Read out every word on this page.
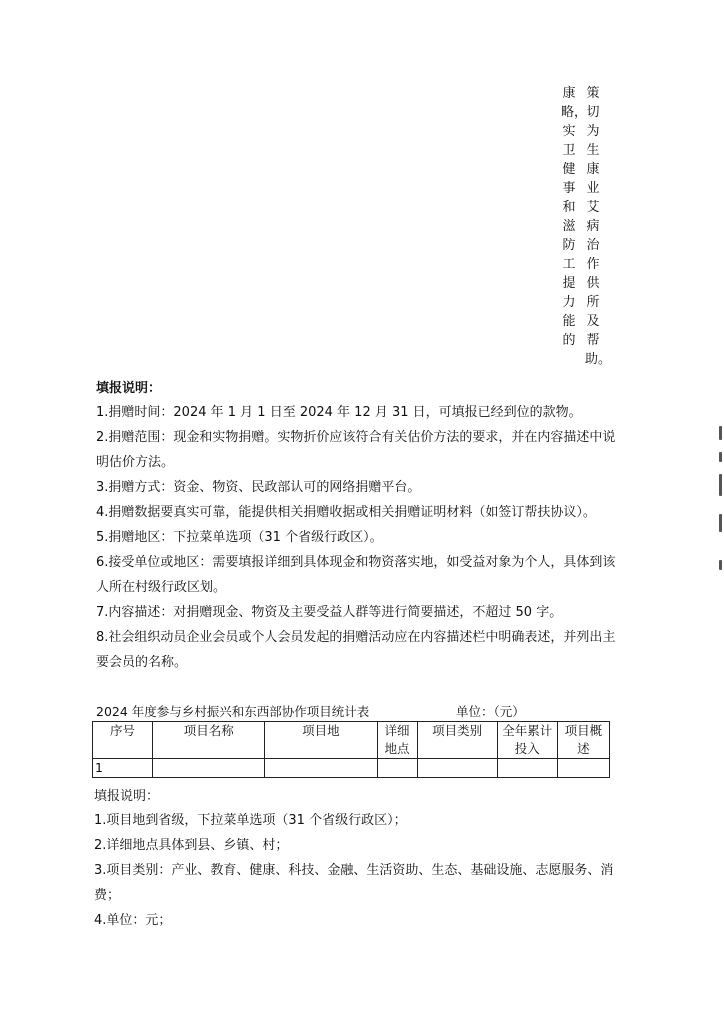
策切为生康业艾病治作供所及帮助。
康略，实卫健事和滋防工提力能的
填报说明：

1.捐赠时间：2024 年 1 月 1 日至 2024 年 12 月 31 日，可填报已经到位的款物。

2.捐赠范围：现金和实物捐赠。实物折价应该符合有关估价方法的要求，并在内容描述中说明估价方法。

3.捐赠方式：资金、物资、民政部认可的网络捐赠平台。

4.捐赠数据要真实可靠，能提供相关捐赠收据或相关捐赠证明材料（如签订帮扶协议）。

5.捐赠地区：下拉菜单选项（31 个省级行政区）。

6.接受单位或地区：需要填报详细到具体现金和物资落实地，如受益对象为个人，具体到该人所在村级行政区划。

7.内容描述：对捐赠现金、物资及主要受益人群等进行简要描述，不超过 50 字。

8.社会组织动员企业会员或个人会员发起的捐赠活动应在内容描述栏中明确表述，并列出主要会员的名称。

2024 年度参与乡村振兴和东西部协作项目统计表	单位：（元）
序号	项目名称	项目地	详细地点	项目类别	全年累计投入	项目概述
1						
填报说明：

1.项目地到省级，下拉菜单选项（31 个省级行政区）；

2.详细地点具体到县、乡镇、村；

3.项目类别：产业、教育、健康、科技、金融、生活资助、生态、基础设施、志愿服务、消费；

4.单位：元；
